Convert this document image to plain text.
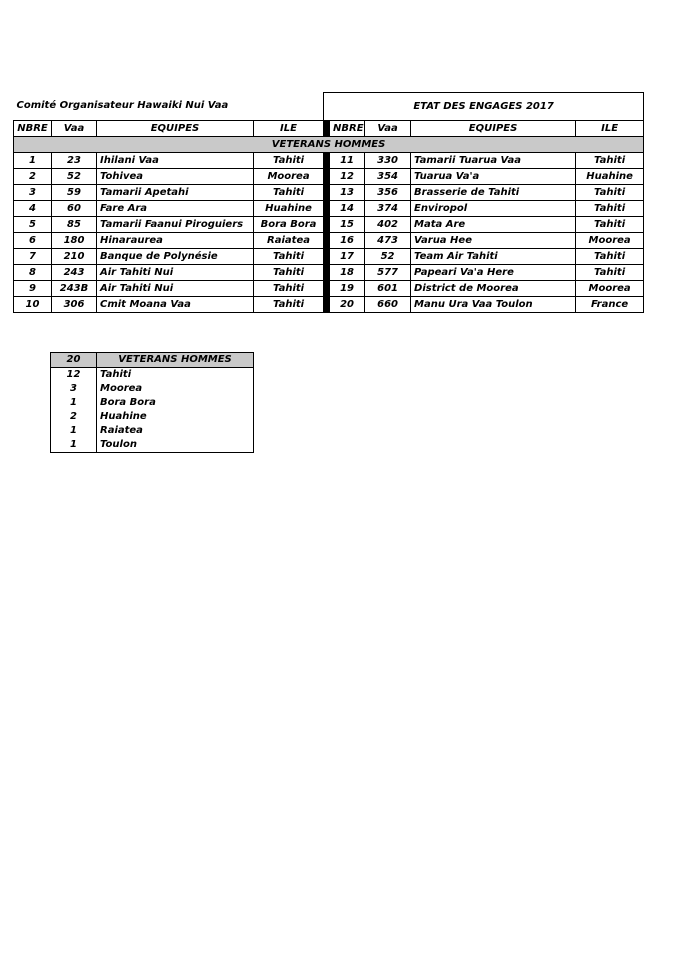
Comité Organisateur Hawaiki Nui Vaa				ETAT DES ENGAGES 2017				
NBRE	Vaa	EQUIPES	ILE		NBRE	Vaa	EQUIPES	ILE
VETERANS HOMMES								
1	23	Ihilani Vaa	Tahiti		11	330	Tamarii Tuarua Vaa	Tahiti
2	52	Tohivea	Moorea		12	354	Tuarua Va'a	Huahine
3	59	Tamarii Apetahi	Tahiti		13	356	Brasserie de Tahiti	Tahiti
4	60	Fare Ara	Huahine		14	374	Enviropol	Tahiti
5	85	Tamarii Faanui Piroguiers	Bora Bora		15	402	Mata Are	Tahiti
6	180	Hinaraurea	Raiatea		16	473	Varua Hee	Moorea
7	210	Banque de Polynésie	Tahiti		17	52	Team Air Tahiti	Tahiti
8	243	Air Tahiti Nui	Tahiti		18	577	Papeari Va'a Here	Tahiti
9	243B	Air Tahiti Nui	Tahiti		19	601	District de Moorea	Moorea
10	306	Cmit Moana Vaa	Tahiti		20	660	Manu Ura Vaa Toulon	France
20	VETERANS HOMMES
12	Tahiti
3	Moorea
1	Bora Bora
2	Huahine
1	Raiatea
1	Toulon
